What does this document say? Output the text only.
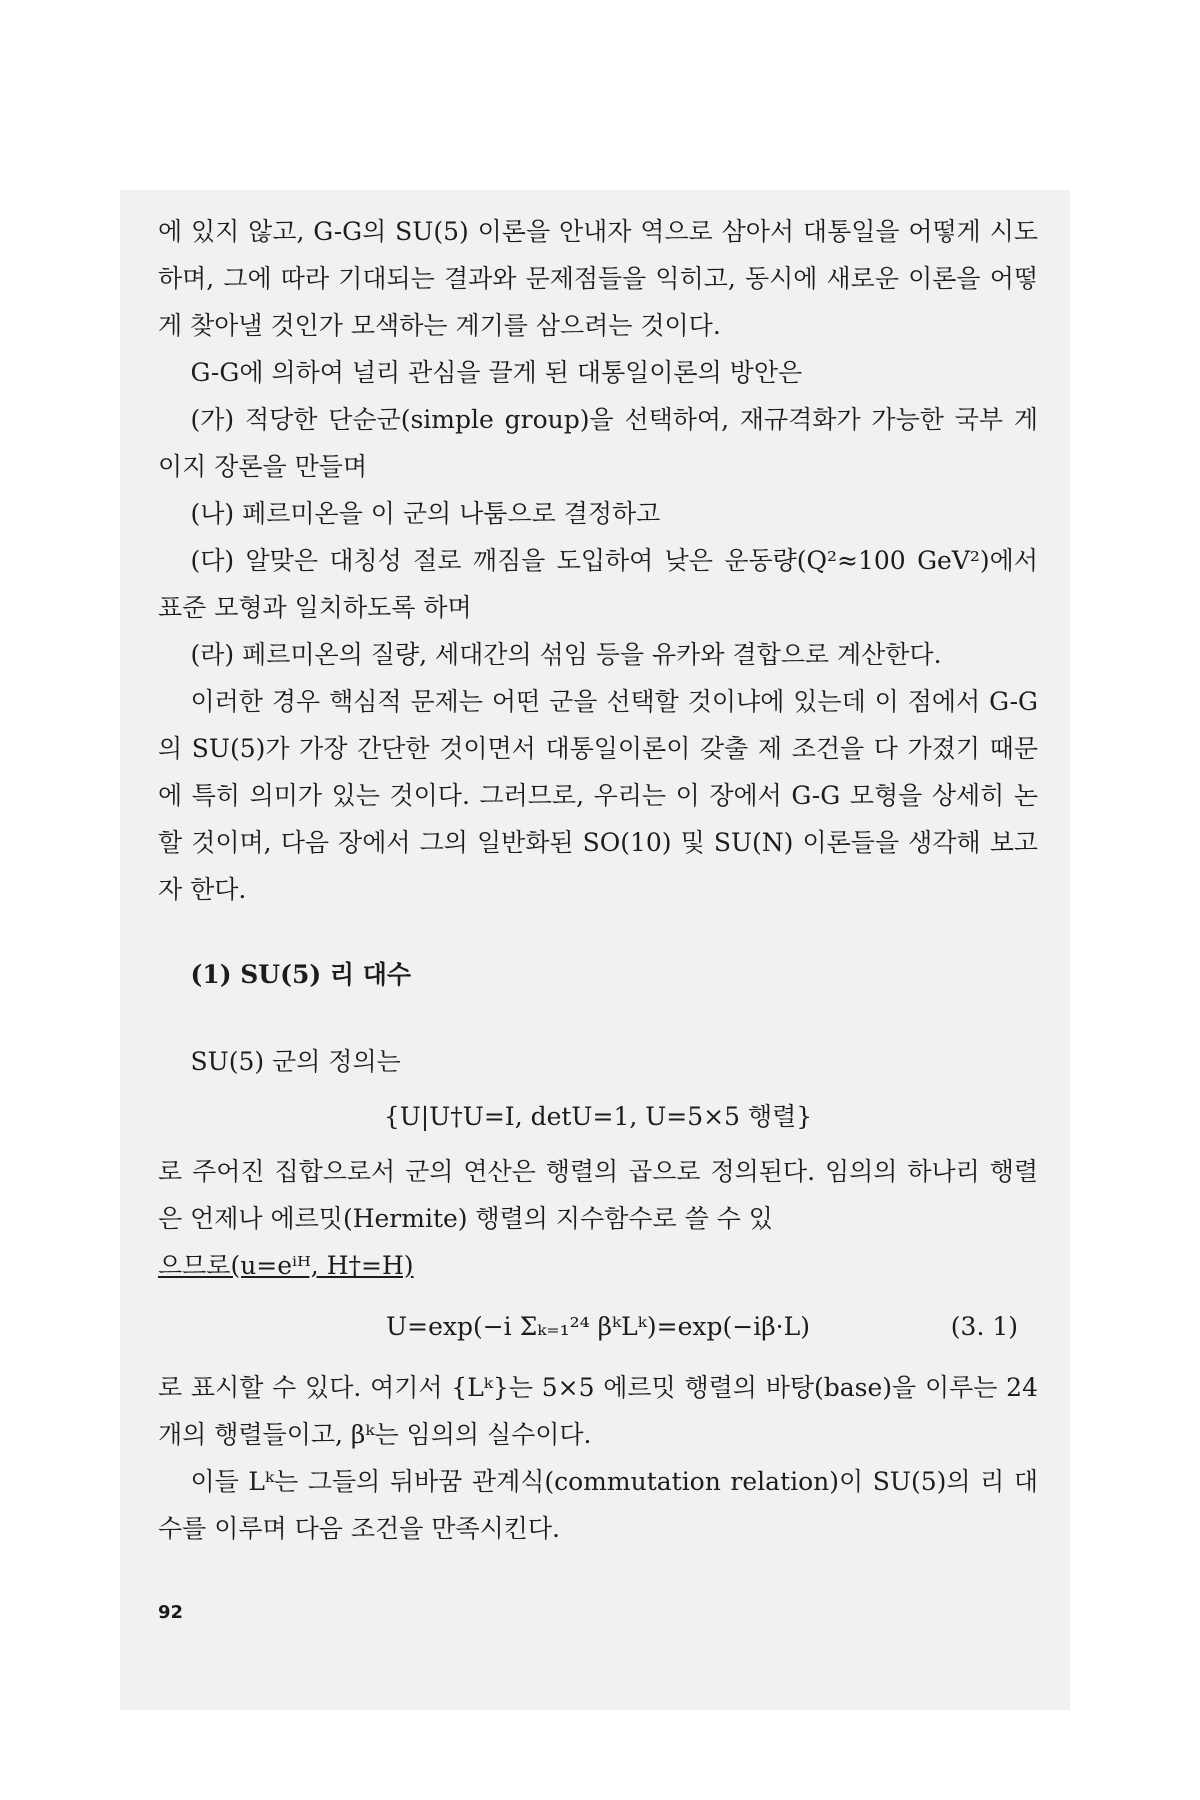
에 있지 않고, G-G의 SU(5) 이론을 안내자 역으로 삼아서 대통일을 어떻게 시도하며, 그에 따라 기대되는 결과와 문제점들을 익히고, 동시에 새로운 이론을 어떻게 찾아낼 것인가 모색하는 계기를 삼으려는 것이다.

G-G에 의하여 널리 관심을 끌게 된 대통일이론의 방안은

(가) 적당한 단순군(simple group)을 선택하여, 재규격화가 가능한 국부 게이지 장론을 만들며

(나) 페르미온을 이 군의 나툼으로 결정하고

(다) 알맞은 대칭성 절로 깨짐을 도입하여 낮은 운동량(Q²≈100 GeV²)에서 표준 모형과 일치하도록 하며

(라) 페르미온의 질량, 세대간의 섞임 등을 유카와 결합으로 계산한다.

이러한 경우 핵심적 문제는 어떤 군을 선택할 것이냐에 있는데 이 점에서 G-G의 SU(5)가 가장 간단한 것이면서 대통일이론이 갖출 제 조건을 다 가졌기 때문에 특히 의미가 있는 것이다. 그러므로, 우리는 이 장에서 G-G 모형을 상세히 논할 것이며, 다음 장에서 그의 일반화된 SO(10) 및 SU(N) 이론들을 생각해 보고자 한다.

(1) SU(5) 리 대수

SU(5) 군의 정의는

{U|U†U=I, detU=1, U=5×5 행렬}

로 주어진 집합으로서 군의 연산은 행렬의 곱으로 정의된다. 임의의 하나리 행렬은 언제나 에르밋(Hermite) 행렬의 지수함수로 쓸 수 있

으므로(u=eⁱᴴ, H†=H)

U=exp(−i Σₖ₌₁²⁴ βᵏLᵏ)=exp(−iβ·L)	(3. 1)

로 표시할 수 있다. 여기서 {Lᵏ}는 5×5 에르밋 행렬의 바탕(base)을 이루는 24개의 행렬들이고, βᵏ는 임의의 실수이다.

이들 Lᵏ는 그들의 뒤바꿈 관계식(commutation relation)이 SU(5)의 리 대수를 이루며 다음 조건을 만족시킨다.

92
